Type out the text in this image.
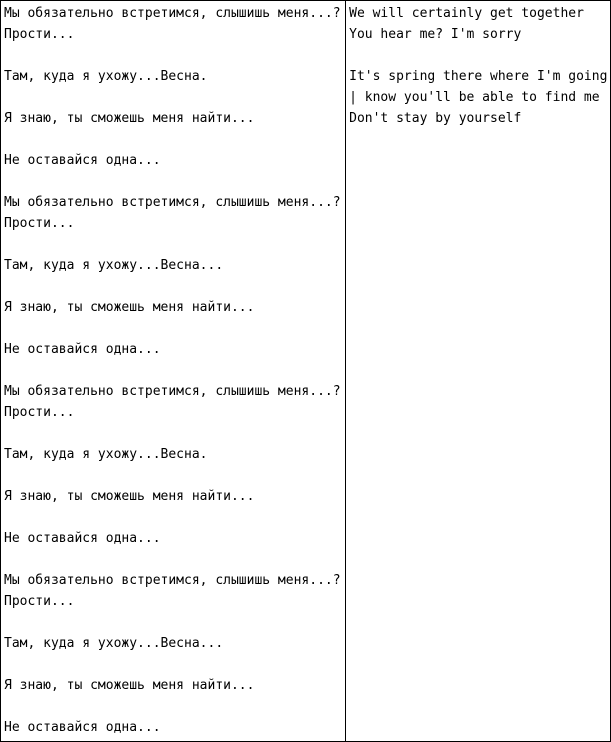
Мы обязательно встретимся, слышишь меня...?
Прости...
Там, куда я ухожу...Весна.
Я знаю, ты сможешь меня найти...
Не оставайся одна...
Мы обязательно встретимся, слышишь меня...?
Прости...
Там, куда я ухожу...Весна...
Я знаю, ты сможешь меня найти...
Не оставайся одна...
Мы обязательно встретимся, слышишь меня...?
Прости...
Там, куда я ухожу...Весна.
Я знаю, ты сможешь меня найти...
Не оставайся одна...
Мы обязательно встретимся, слышишь меня...?
Прости...
Там, куда я ухожу...Весна...
Я знаю, ты сможешь меня найти...
Не оставайся одна...

We will certainly get together
You hear me? I'm sorry
It's spring there where I'm going
| know you'll be able to find me
Don't stay by yourself
